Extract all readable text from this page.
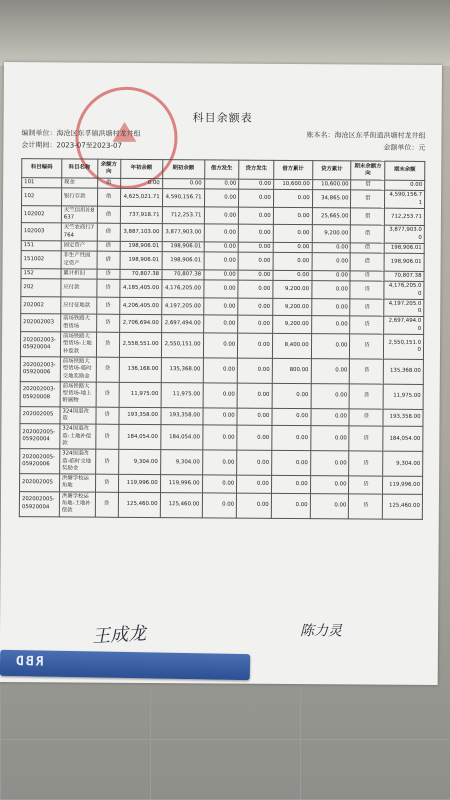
科目余额表
编制单位：海沧区东孚镇洪塘村龙井组
会计期间：2023-07至2023-07
账本名：海沧区东孚街道洪塘村龙井组
金额单位：元
科目编码	科目名称	余额方向	年初余额	期初余额	借方发生	贷方发生	借方累计	贷方累计	期末余额方向	期末余额
101	现金	借	0.00	0.00	0.00	0.00	10,600.00	10,600.00	借	0.00
102	银行存款	借	4,625,021.71	4,590,156.71	0.00	0.00	0.00	34,865.00	借	4,590,156.71
102002	天竺信用社8637	借	737,918.71	712,253.71	0.00	0.00	0.00	25,665.00	借	712,253.71
102003	天竺农商行7764	借	3,887,103.00	3,877,903.00	0.00	0.00	0.00	9,200.00	借	3,877,903.00
151	固定资产	借	198,906.01	198,906.01	0.00	0.00	0.00	0.00	借	198,906.01
151002	非生产性固定资产	借	198,906.01	198,906.01	0.00	0.00	0.00	0.00	借	198,906.01
152	累计折旧	贷	70,807.38	70,807.38	0.00	0.00	0.00	0.00	贷	70,807.38
202	应付款	贷	4,185,405.00	4,176,205.00	0.00	0.00	9,200.00	0.00	贷	4,176,205.00
202002	应付征地款	贷	4,206,405.00	4,197,205.00	0.00	0.00	9,200.00	0.00	贷	4,197,205.00
202002003	前场铁路大型货场	贷	2,706,694.00	2,697,494.00	0.00	0.00	9,200.00	0.00	贷	2,697,494.00
202002003-05920004	前场铁路大型货场-上地补偿款	贷	2,558,551.00	2,550,151.00	0.00	0.00	8,400.00	0.00	贷	2,550,151.00
202002003-05920006	前场铁路大型货场-临时交地奖励金	贷	136,168.00	135,368.00	0.00	0.00	800.00	0.00	贷	135,368.00
202002003-05920008	前场铁路大型货场-地上附属物	贷	11,975.00	11,975.00	0.00	0.00	0.00	0.00	贷	11,975.00
202002005	324国道改造	贷	193,358.00	193,358.00	0.00	0.00	0.00	0.00	贷	193,358.00
202002005-05920004	324国道改造-土地补偿款	贷	184,054.00	184,054.00	0.00	0.00	0.00	0.00	贷	184,054.00
202002005-05920006	324国道改造-临时交地奖励金	贷	9,304.00	9,304.00	0.00	0.00	0.00	0.00	贷	9,304.00
202002005	洪塘学校运角地	贷	119,996.00	119,996.00	0.00	0.00	0.00	0.00	贷	119,996.00
202002005-05920004	洪塘学校运角地-土地补偿款	贷	125,460.00	125,460.00	0.00	0.00	0.00	0.00	贷	125,460.00
王成龙	陈力灵
RBD
